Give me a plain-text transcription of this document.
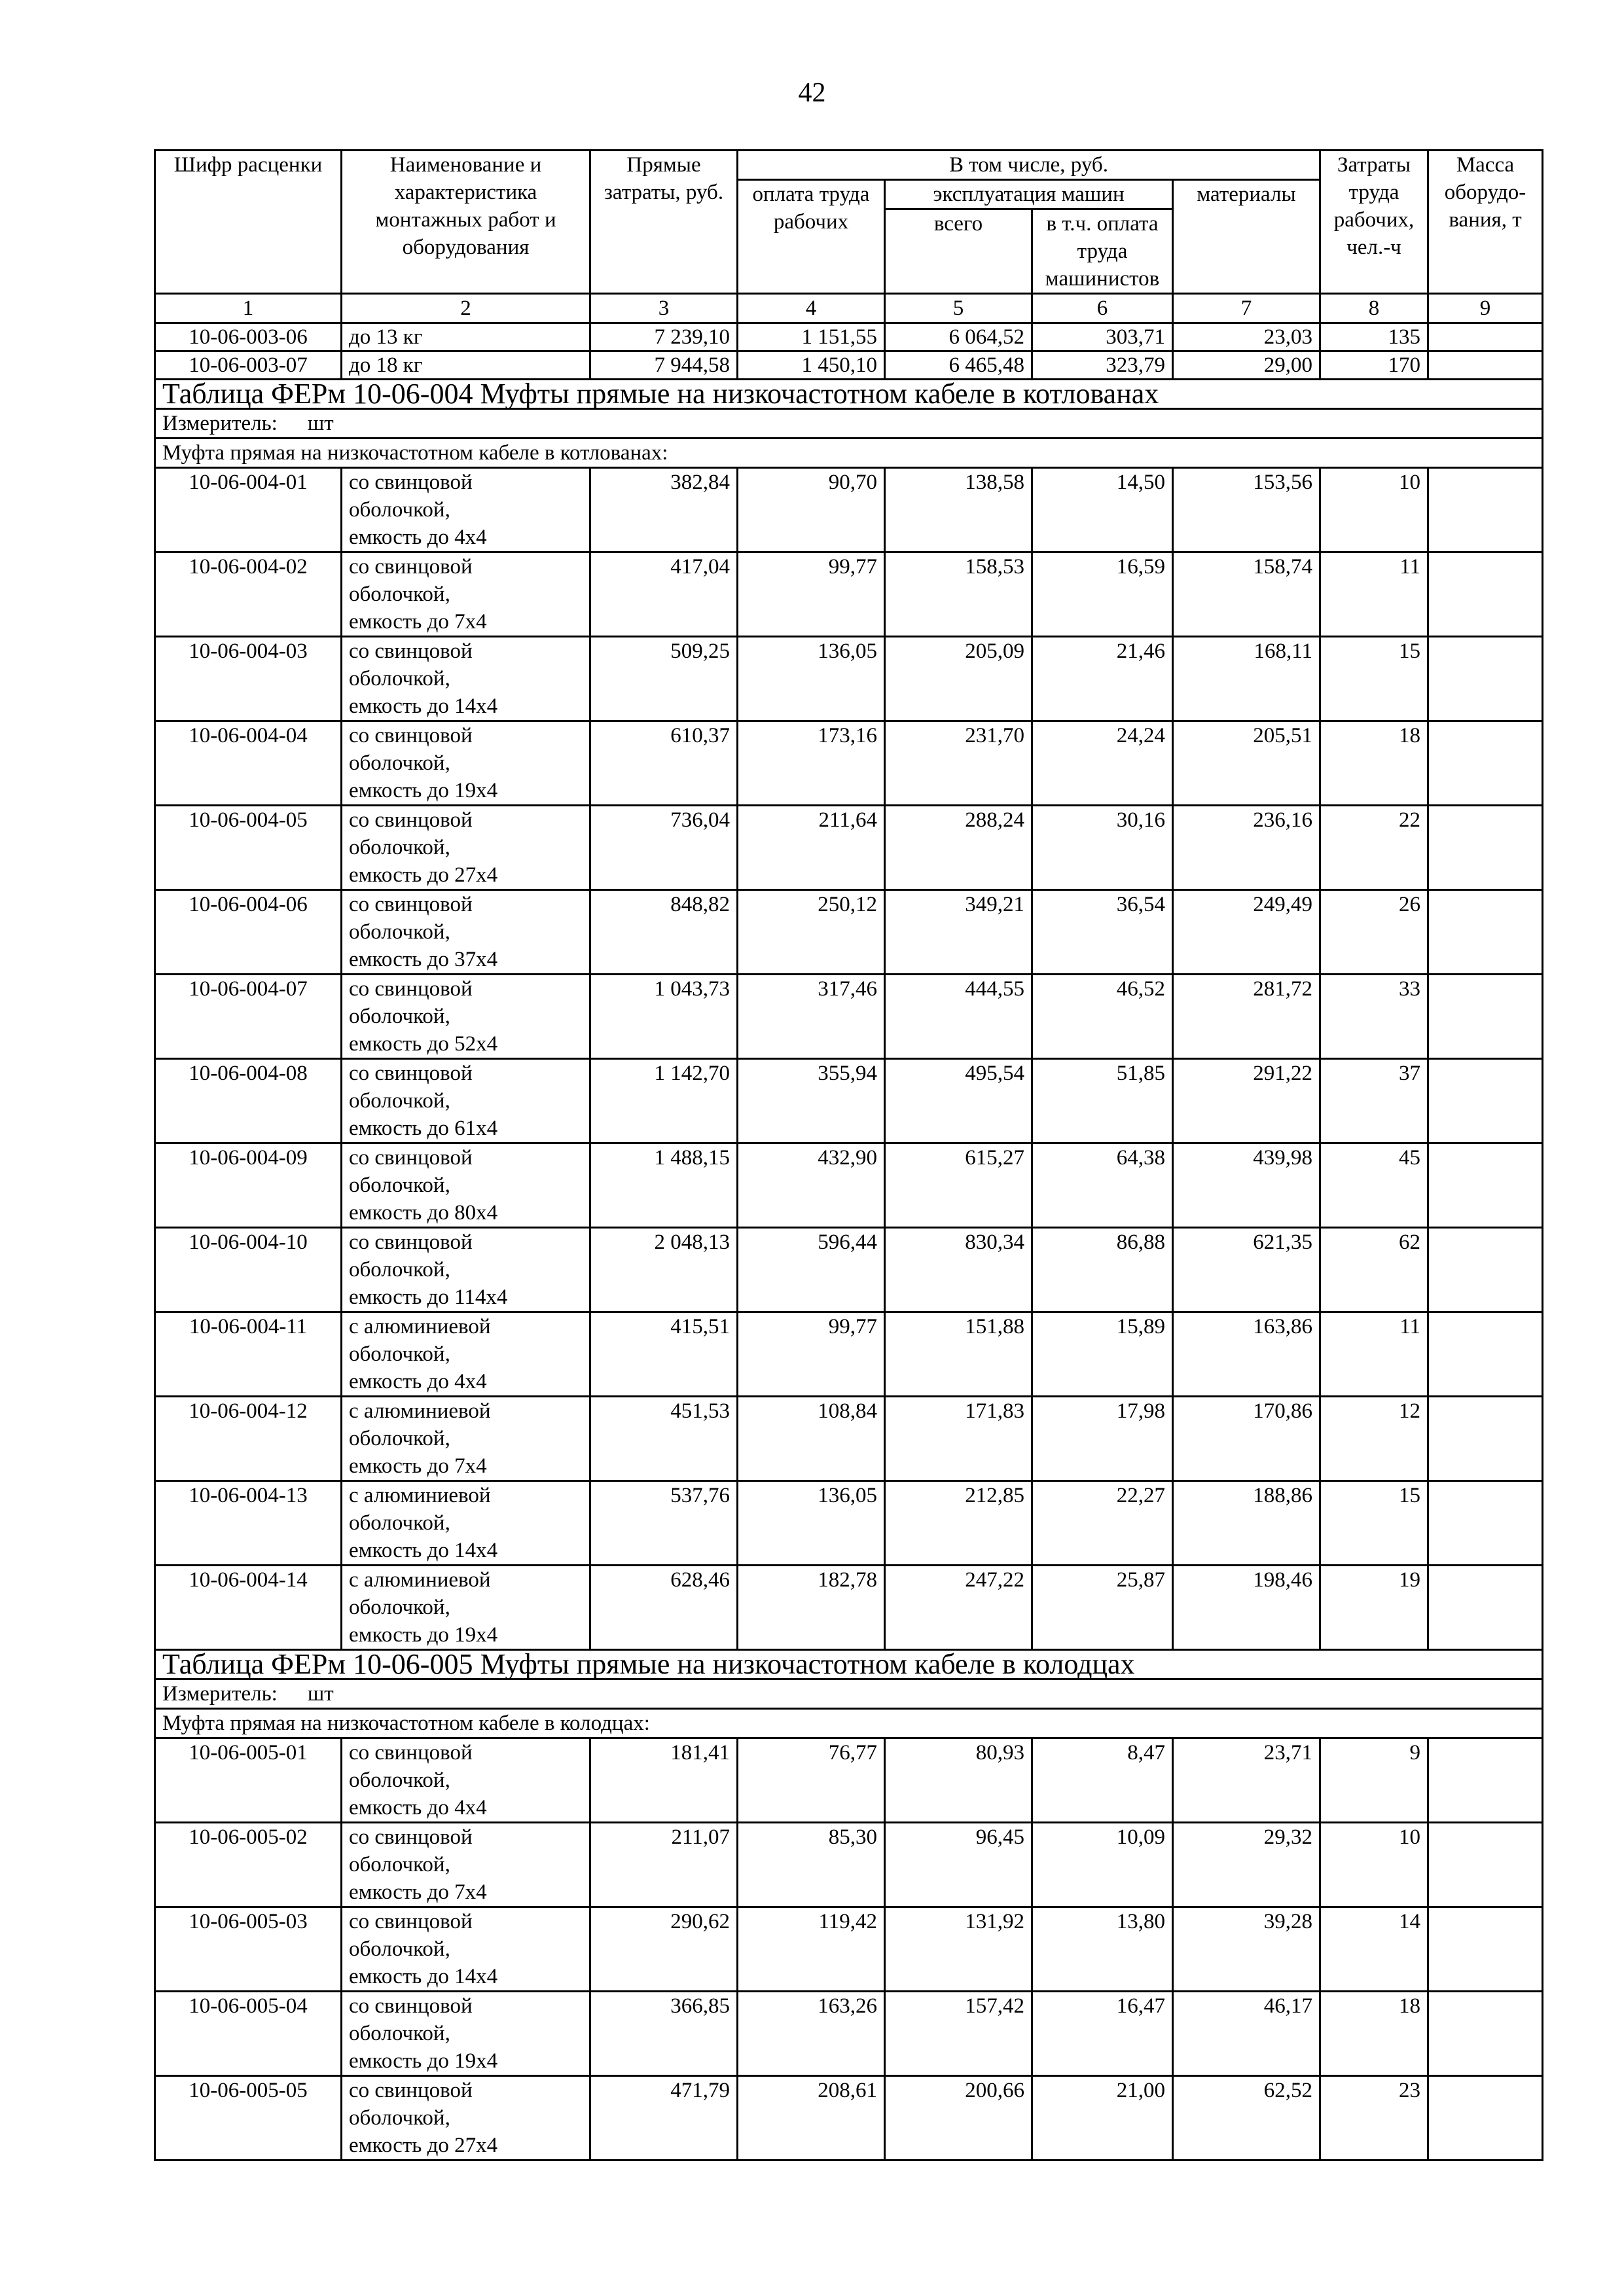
42
Шифр расценки	Наименование и характеристика монтажных работ и оборудования	Прямые затраты, руб.	В том числе, руб.				Затраты труда рабочих, чел.-ч	Масса оборудо-вания, т
			оплата труда рабочих	эксплуатация машин		материалы		
				всего	в т.ч. оплата труда машинистов			
1	2	3	4	5	6	7	8	9
10-06-003-06	до 13 кг	7 239,10	1 151,55	6 064,52	303,71	23,03	135	
10-06-003-07	до 18 кг	7 944,58	1 450,10	6 465,48	323,79	29,00	170	
Таблица ФЕРм 10-06-004 Муфты прямые на низкочастотном кабеле в котлованах								
Измеритель: шт								
Муфта прямая на низкочастотном кабеле в котлованах:								
10-06-004-01	со свинцовой
оболочкой,
емкость до 4х4	382,84	90,70	138,58	14,50	153,56	10	
10-06-004-02	со свинцовой
оболочкой,
емкость до 7х4	417,04	99,77	158,53	16,59	158,74	11	
10-06-004-03	со свинцовой
оболочкой,
емкость до 14х4	509,25	136,05	205,09	21,46	168,11	15	
10-06-004-04	со свинцовой
оболочкой,
емкость до 19х4	610,37	173,16	231,70	24,24	205,51	18	
10-06-004-05	со свинцовой
оболочкой,
емкость до 27х4	736,04	211,64	288,24	30,16	236,16	22	
10-06-004-06	со свинцовой
оболочкой,
емкость до 37х4	848,82	250,12	349,21	36,54	249,49	26	
10-06-004-07	со свинцовой
оболочкой,
емкость до 52х4	1 043,73	317,46	444,55	46,52	281,72	33	
10-06-004-08	со свинцовой
оболочкой,
емкость до 61х4	1 142,70	355,94	495,54	51,85	291,22	37	
10-06-004-09	со свинцовой
оболочкой,
емкость до 80х4	1 488,15	432,90	615,27	64,38	439,98	45	
10-06-004-10	со свинцовой
оболочкой,
емкость до 114х4	2 048,13	596,44	830,34	86,88	621,35	62	
10-06-004-11	с алюминиевой
оболочкой,
емкость до 4х4	415,51	99,77	151,88	15,89	163,86	11	
10-06-004-12	с алюминиевой
оболочкой,
емкость до 7х4	451,53	108,84	171,83	17,98	170,86	12	
10-06-004-13	с алюминиевой
оболочкой,
емкость до 14х4	537,76	136,05	212,85	22,27	188,86	15	
10-06-004-14	с алюминиевой
оболочкой,
емкость до 19х4	628,46	182,78	247,22	25,87	198,46	19	
Таблица ФЕРм 10-06-005 Муфты прямые на низкочастотном кабеле в колодцах								
Измеритель: шт								
Муфта прямая на низкочастотном кабеле в колодцах:								
10-06-005-01	со свинцовой
оболочкой,
емкость до 4х4	181,41	76,77	80,93	8,47	23,71	9	
10-06-005-02	со свинцовой
оболочкой,
емкость до 7х4	211,07	85,30	96,45	10,09	29,32	10	
10-06-005-03	со свинцовой
оболочкой,
емкость до 14х4	290,62	119,42	131,92	13,80	39,28	14	
10-06-005-04	со свинцовой
оболочкой,
емкость до 19х4	366,85	163,26	157,42	16,47	46,17	18	
10-06-005-05	со свинцовой
оболочкой,
емкость до 27х4	471,79	208,61	200,66	21,00	62,52	23	
